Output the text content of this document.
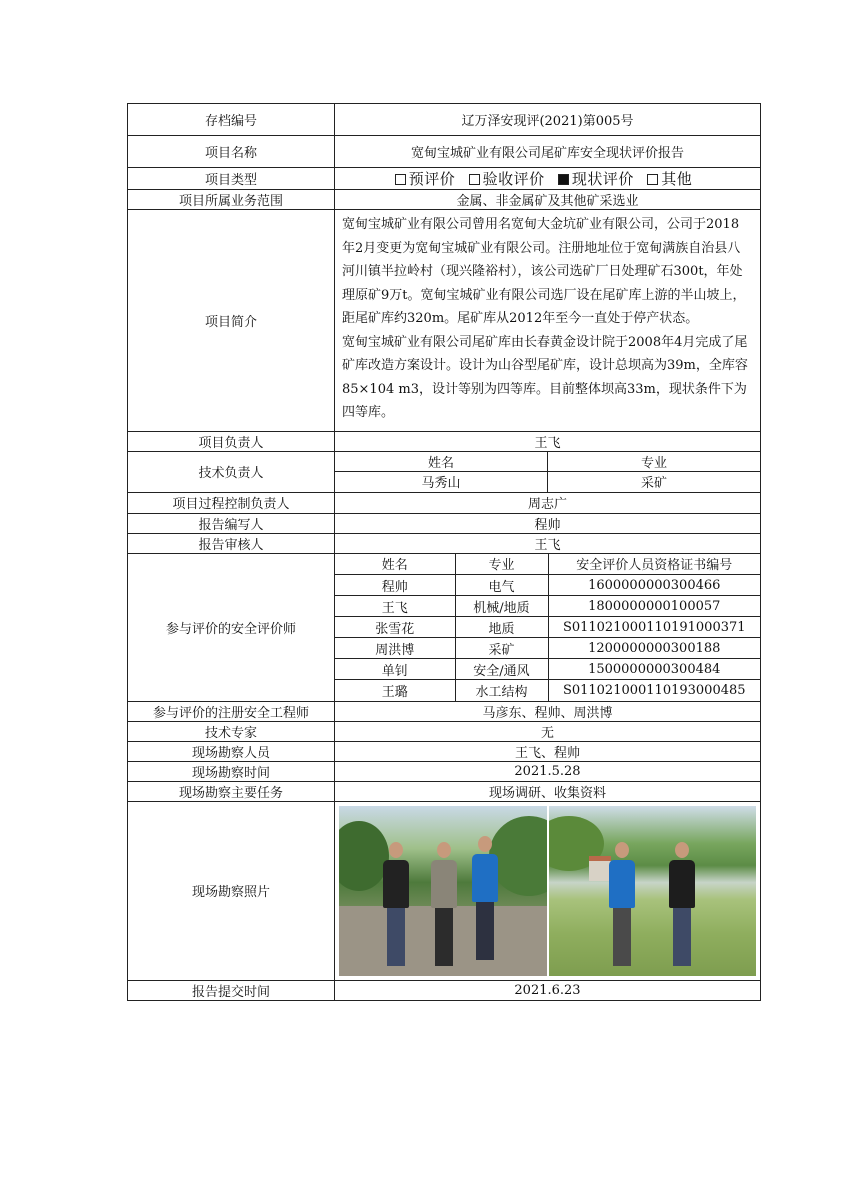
存档编号	辽万泽安现评(2021)第005号
项目名称	宽甸宝城矿业有限公司尾矿库安全现状评价报告
项目类型	预评价 验收评价 现状评价 其他
项目所属业务范围	金属、非金属矿及其他矿采选业
项目简介	

宽甸宝城矿业有限公司曾用名宽甸大金坑矿业有限公司，公司于2018年2月变更为宽甸宝城矿业有限公司。注册地址位于宽甸满族自治县八河川镇半拉岭村（现兴隆裕村），该公司选矿厂日处理矿石300t，年处理原矿9万t。宽甸宝城矿业有限公司选厂设在尾矿库上游的半山坡上， 距尾矿库约320m。尾矿库从2012年至今一直处于停产状态。

宽甸宝城矿业有限公司尾矿库由长春黄金设计院于2008年4月完成了尾矿库改造方案设计。设计为山谷型尾矿库，设计总坝高为39m，全库容85×104 m3，设计等别为四等库。目前整体坝高33m，现状条件下为四等库。

项目负责人	王飞
技术负责人	
姓名	专业
马秀山	采矿

项目过程控制负责人	周志广
报告编写人	程帅
报告审核人	王飞
参与评价的安全评价师	
姓名	专业	安全评价人员资格证书编号
程帅	电气	1600000000300466
王飞	机械/地质	1800000000100057
张雪花	地质	S011021000110191000371
周洪博	采矿	1200000000300188
单钊	安全/通风	1500000000300484
王璐	水工结构	S011021000110193000485

参与评价的注册安全工程师	马彦东、程帅、周洪博
技术专家	无
现场勘察人员	王飞、程帅
现场勘察时间	2021.5.28
现场勘察主要任务	现场调研、收集资料
现场勘察照片	

报告提交时间	2021.6.23
